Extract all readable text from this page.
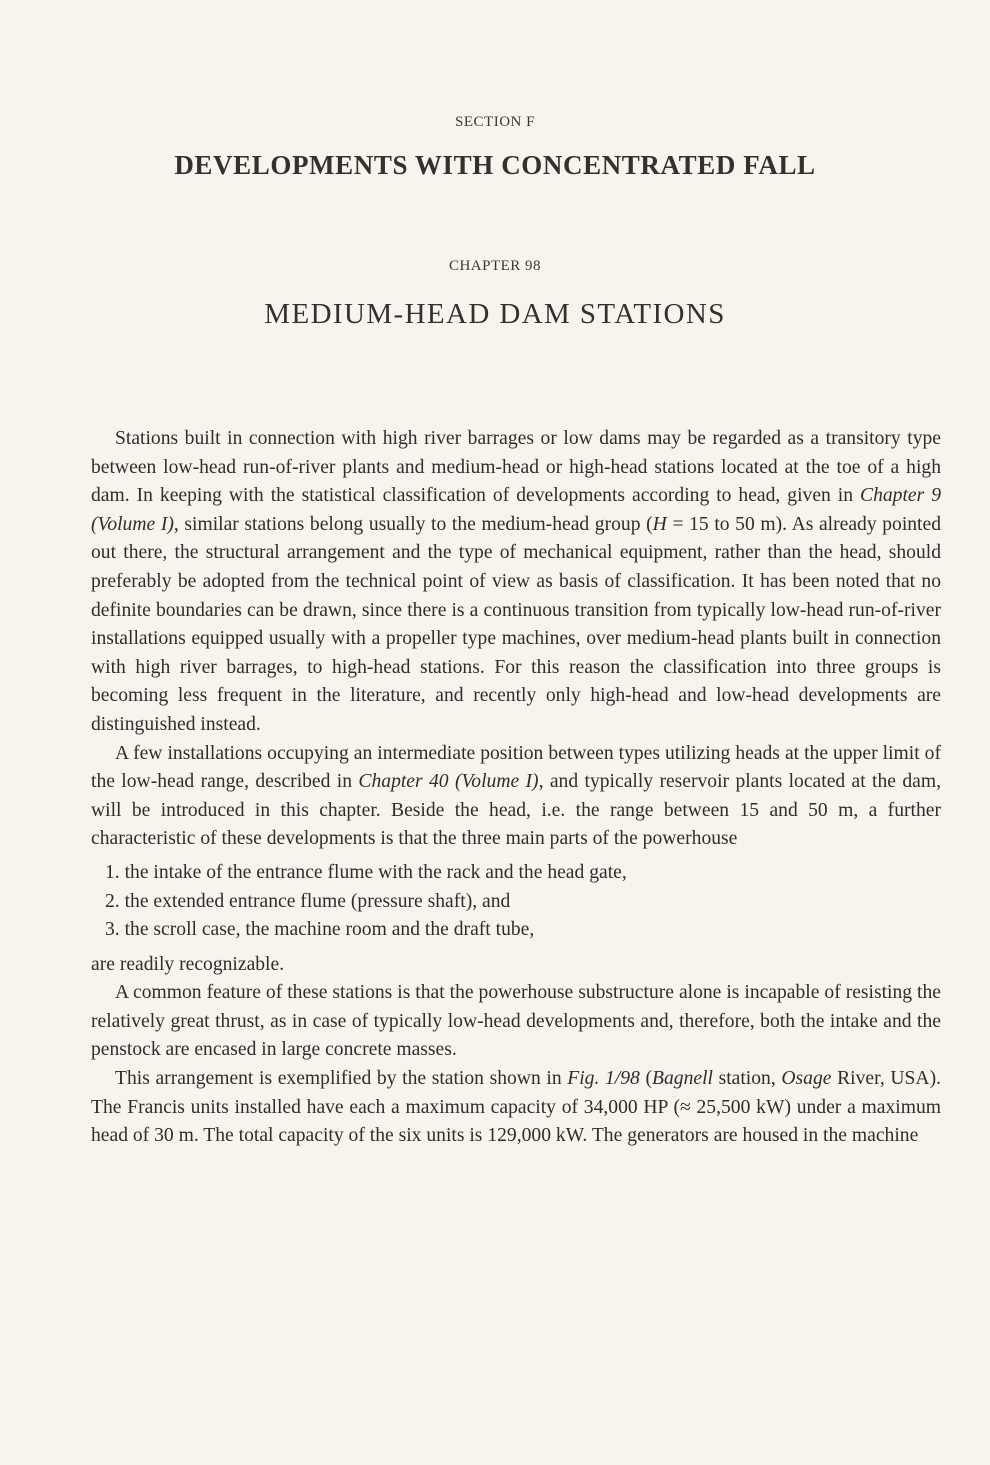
SECTION F
DEVELOPMENTS WITH CONCENTRATED FALL
CHAPTER 98
MEDIUM-HEAD DAM STATIONS

Stations built in connection with high river barrages or low dams may be regarded as a transitory type between low-head run-of-river plants and medium-head or high-head stations located at the toe of a high dam. In keeping with the statistical classification of developments according to head, given in Chapter 9 (Volume I), similar stations belong usually to the medium-head group (H = 15 to 50 m). As already pointed out there, the structural arrangement and the type of mechanical equipment, rather than the head, should preferably be adopted from the technical point of view as basis of classification. It has been noted that no definite boundaries can be drawn, since there is a continuous transition from typically low-head run-of-river installations equipped usually with a propeller type machines, over medium-head plants built in connection with high river barrages, to high-head stations. For this reason the classification into three groups is becoming less frequent in the literature, and recently only high-head and low-head developments are distinguished instead.

A few installations occupying an intermediate position between types utilizing heads at the upper limit of the low-head range, described in Chapter 40 (Volume I), and typically reservoir plants located at the dam, will be introduced in this chapter. Beside the head, i.e. the range between 15 and 50 m, a further characteristic of these developments is that the three main parts of the powerhouse

1. the intake of the entrance flume with the rack and the head gate,
2. the extended entrance flume (pressure shaft), and
3. the scroll case, the machine room and the draft tube,

are readily recognizable.

A common feature of these stations is that the powerhouse substructure alone is incapable of resisting the relatively great thrust, as in case of typically low-head developments and, therefore, both the intake and the penstock are encased in large concrete masses.

This arrangement is exemplified by the station shown in Fig. 1/98 (Bagnell station, Osage River, USA). The Francis units installed have each a maximum capacity of 34,000 HP (≈ 25,500 kW) under a maximum head of 30 m. The total capacity of the six units is 129,000 kW. The generators are housed in the machine
